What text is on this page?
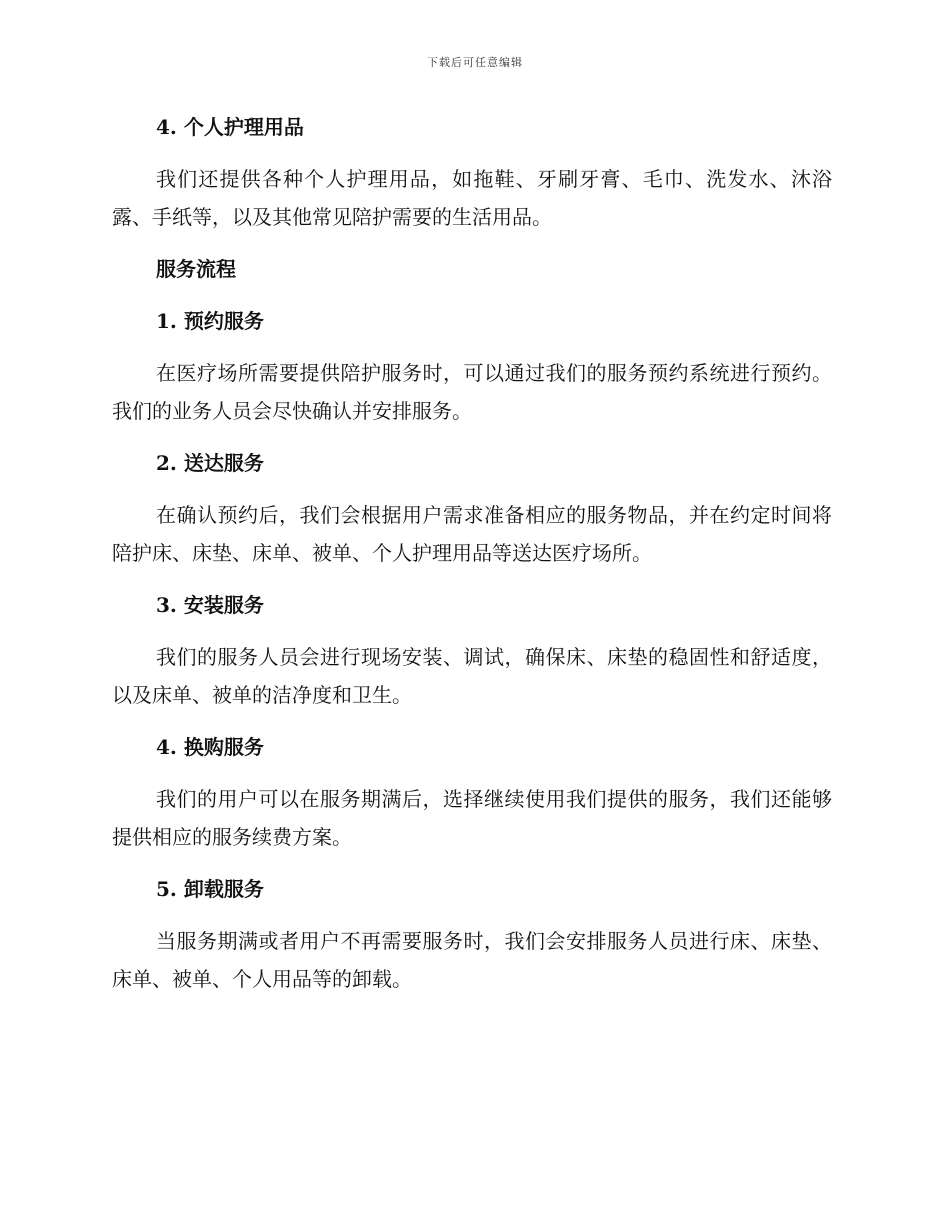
下载后可任意编辑
4. 个人护理用品
我们还提供各种个人护理用品，如拖鞋、牙刷牙膏、毛巾、洗发水、沐浴露、手纸等，以及其他常见陪护需要的生活用品。
服务流程
1. 预约服务
在医疗场所需要提供陪护服务时，可以通过我们的服务预约系统进行预约。我们的业务人员会尽快确认并安排服务。
2. 送达服务
在确认预约后，我们会根据用户需求准备相应的服务物品，并在约定时间将陪护床、床垫、床单、被单、个人护理用品等送达医疗场所。
3. 安装服务
我们的服务人员会进行现场安装、调试，确保床、床垫的稳固性和舒适度，以及床单、被单的洁净度和卫生。
4. 换购服务
我们的用户可以在服务期满后，选择继续使用我们提供的服务，我们还能够提供相应的服务续费方案。
5. 卸载服务
当服务期满或者用户不再需要服务时，我们会安排服务人员进行床、床垫、床单、被单、个人用品等的卸载。
